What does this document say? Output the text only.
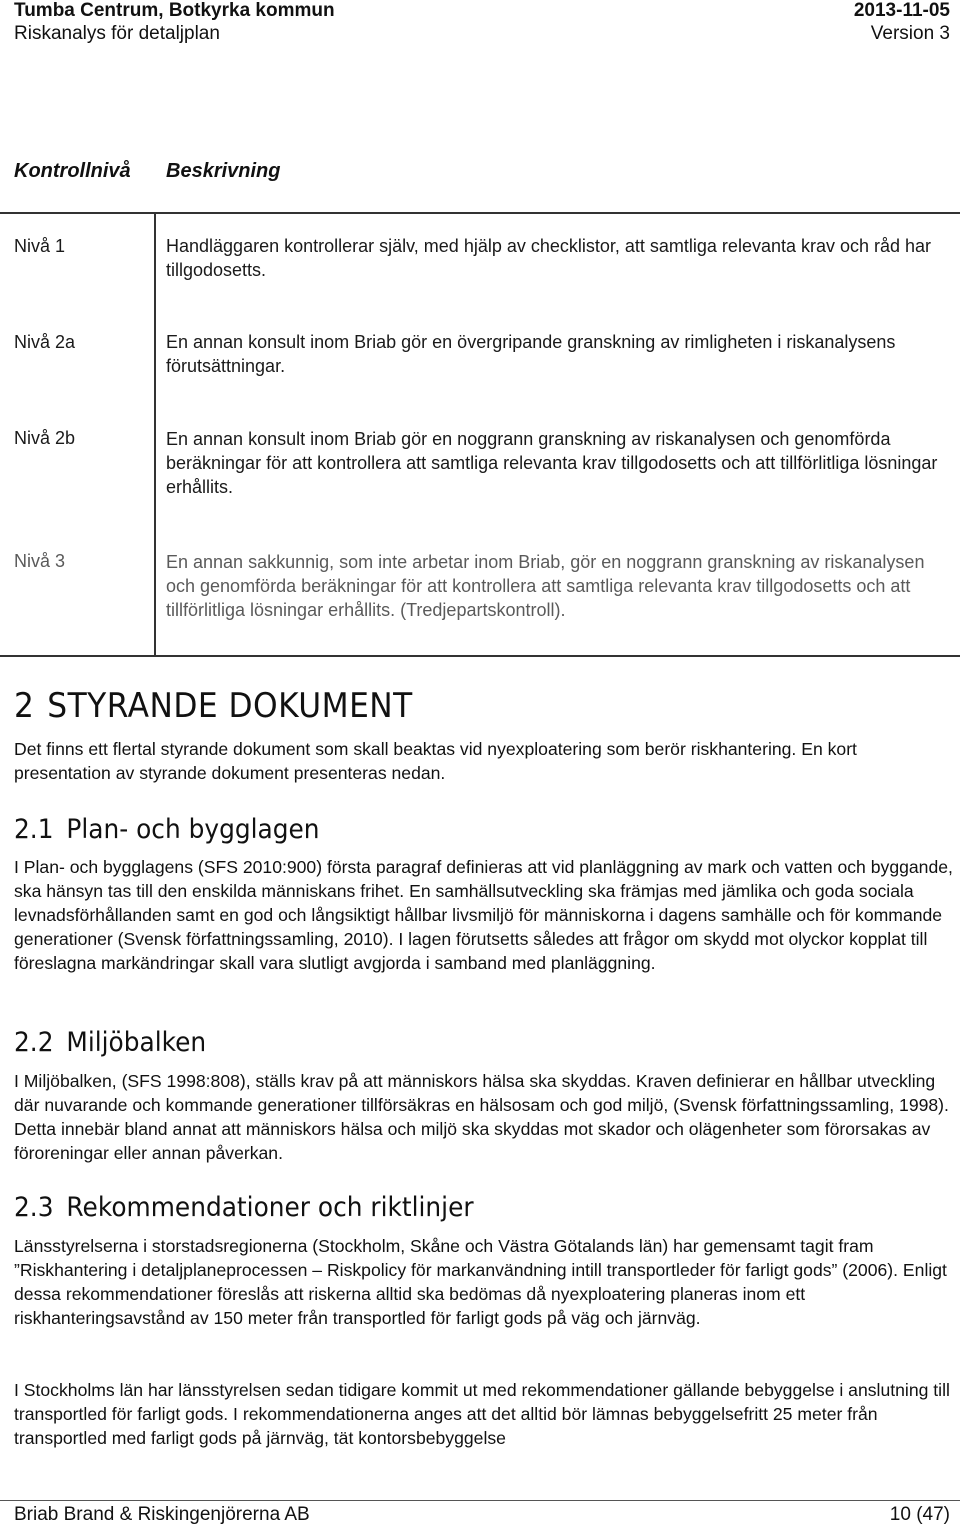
Tumba Centrum, Botkyrka kommun	2013-11-05
Riskanalys för detaljplan	Version 3
Kontrollnivå Beskrivning
Nivå 1	Handläggaren kontrollerar själv, med hjälp av checklistor, att samtliga relevanta krav och råd har tillgodosetts.
Nivå 2a	En annan konsult inom Briab gör en övergripande granskning av rimligheten i riskanalysens förutsättningar.
Nivå 2b	En annan konsult inom Briab gör en noggrann granskning av riskanalysen och genomförda beräkningar för att kontrollera att samtliga relevanta krav tillgodosetts och att tillförlitliga lösningar erhållits.
Nivå 3	En annan sakkunnig, som inte arbetar inom Briab, gör en noggrann granskning av riskanalysen och genomförda beräkningar för att kontrollera att samtliga relevanta krav tillgodosetts och att tillförlitliga lösningar erhållits. (Tredjepartskontroll).
2 STYRANDE DOKUMENT

Det finns ett flertal styrande dokument som skall beaktas vid nyexploatering som berör riskhantering. En kort presentation av styrande dokument presenteras nedan.

2.1 Plan- och bygglagen

I Plan- och bygglagens (SFS 2010:900) första paragraf definieras att vid planläggning av mark och vatten och byggande, ska hänsyn tas till den enskilda människans frihet. En samhällsutveckling ska främjas med jämlika och goda sociala levnadsförhållanden samt en god och långsiktigt hållbar livsmiljö för människorna i dagens samhälle och för kommande generationer (Svensk författningssamling, 2010). I lagen förutsetts således att frågor om skydd mot olyckor kopplat till föreslagna markändringar skall vara slutligt avgjorda i samband med planläggning.

2.2 Miljöbalken

I Miljöbalken, (SFS 1998:808), ställs krav på att människors hälsa ska skyddas. Kraven definierar en hållbar utveckling där nuvarande och kommande generationer tillförsäkras en hälsosam och god miljö, (Svensk författningssamling, 1998). Detta innebär bland annat att människors hälsa och miljö ska skyddas mot skador och olägenheter som förorsakas av föroreningar eller annan påverkan.

2.3 Rekommendationer och riktlinjer

Länsstyrelserna i storstadsregionerna (Stockholm, Skåne och Västra Götalands län) har gemensamt tagit fram ”Riskhantering i detaljplaneprocessen – Riskpolicy för markanvändning intill transportleder för farligt gods” (2006). Enligt dessa rekommendationer föreslås att riskerna alltid ska bedömas då nyexploatering planeras inom ett riskhanteringsavstånd av 150 meter från transportled för farligt gods på väg och järnväg.

I Stockholms län har länsstyrelsen sedan tidigare kommit ut med rekommendationer gällande bebyggelse i anslutning till transportled för farligt gods. I rekommendationerna anges att det alltid bör lämnas bebyggelsefritt 25 meter från transportled med farligt gods på järnväg, tät kontorsbebyggelse

Briab Brand & Riskingenjörerna AB	10 (47)
